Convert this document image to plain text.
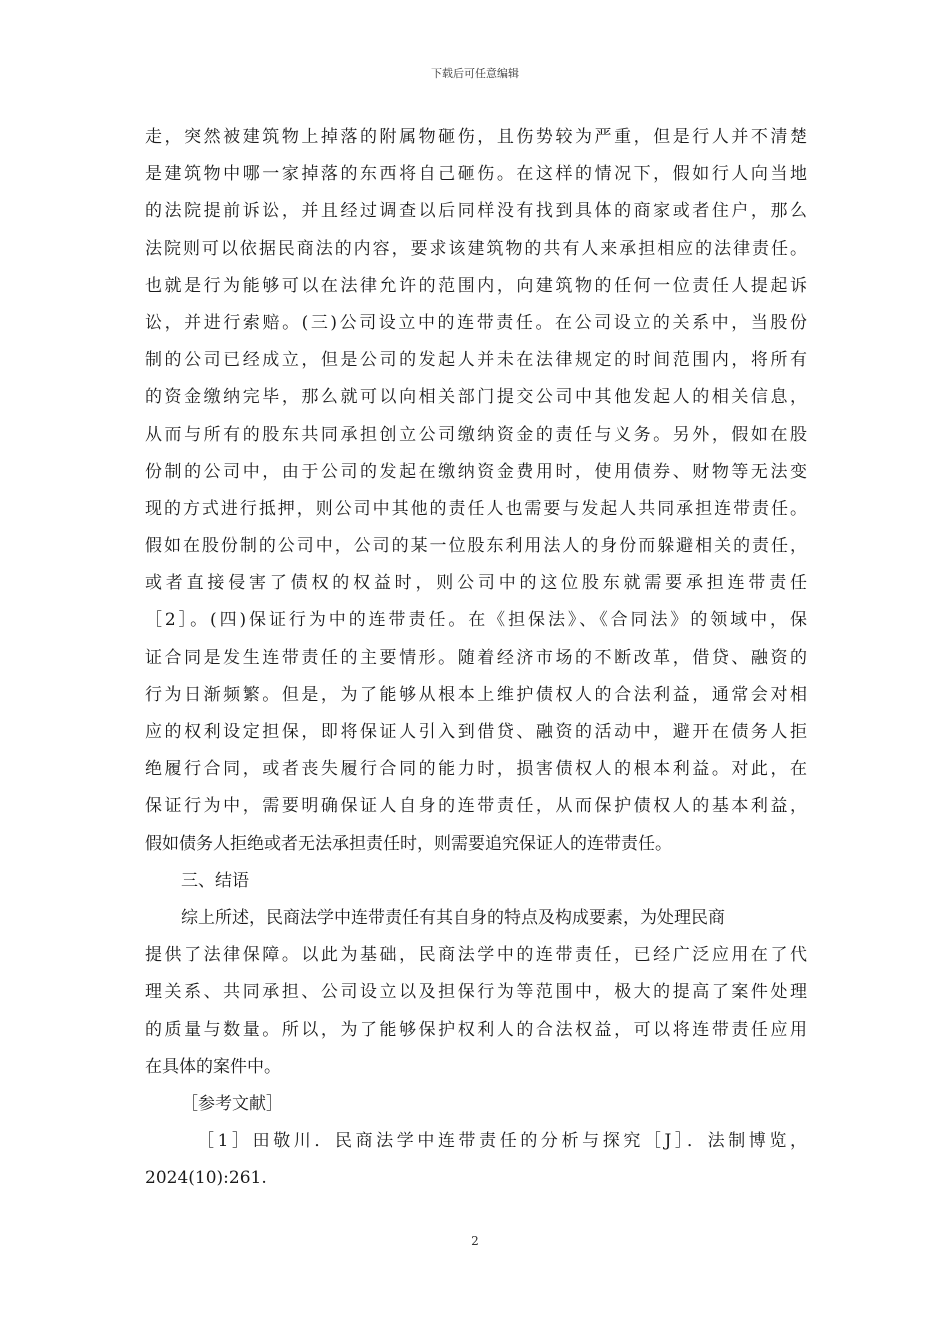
下载后可任意编辑
走，突然被建筑物上掉落的附属物砸伤，且伤势较为严重，但是行人并不清楚
是建筑物中哪一家掉落的东西将自己砸伤。在这样的情况下，假如行人向当地
的法院提前诉讼，并且经过调查以后同样没有找到具体的商家或者住户，那么
法院则可以依据民商法的内容，要求该建筑物的共有人来承担相应的法律责任。
也就是行为能够可以在法律允许的范围内，向建筑物的任何一位责任人提起诉
讼，并进行索赔。(三)公司设立中的连带责任。在公司设立的关系中，当股份
制的公司已经成立，但是公司的发起人并未在法律规定的时间范围内，将所有
的资金缴纳完毕，那么就可以向相关部门提交公司中其他发起人的相关信息，
从而与所有的股东共同承担创立公司缴纳资金的责任与义务。另外，假如在股
份制的公司中，由于公司的发起在缴纳资金费用时，使用债券、财物等无法变
现的方式进行抵押，则公司中其他的责任人也需要与发起人共同承担连带责任。
假如在股份制的公司中，公司的某一位股东利用法人的身份而躲避相关的责任，
或者直接侵害了债权的权益时，则公司中的这位股东就需要承担连带责任
［2］。(四)保证行为中的连带责任。在《担保法》、《合同法》的领域中，保
证合同是发生连带责任的主要情形。随着经济市场的不断改革，借贷、融资的
行为日渐频繁。但是，为了能够从根本上维护债权人的合法利益，通常会对相
应的权利设定担保，即将保证人引入到借贷、融资的活动中，避开在债务人拒
绝履行合同，或者丧失履行合同的能力时，损害债权人的根本利益。对此，在
保证行为中，需要明确保证人自身的连带责任，从而保护债权人的基本利益，
假如债务人拒绝或者无法承担责任时，则需要追究保证人的连带责任。
三、结语
综上所述，民商法学中连带责任有其自身的特点及构成要素，为处理民商
提供了法律保障。以此为基础，民商法学中的连带责任，已经广泛应用在了代
理关系、共同承担、公司设立以及担保行为等范围中，极大的提高了案件处理
的质量与数量。所以，为了能够保护权利人的合法权益，可以将连带责任应用
在具体的案件中。
［参考文献］
［1］田敬川．民商法学中连带责任的分析与探究［J］．法制博览，
2024(10):261.
2
